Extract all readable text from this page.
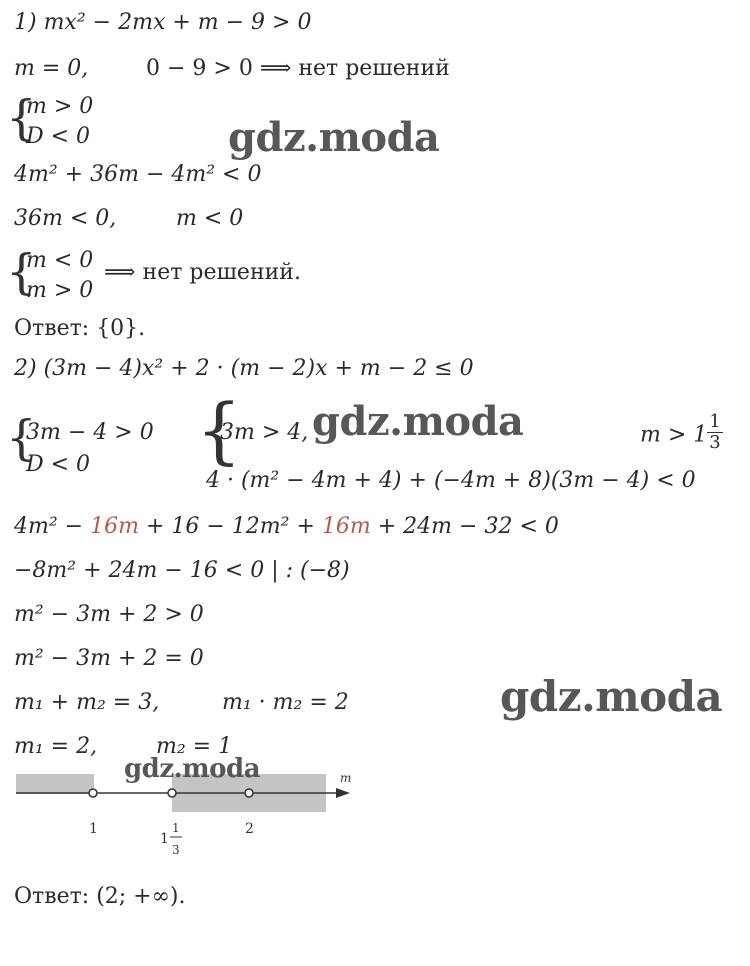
1) mx² − 2mx + m − 9 > 0
m = 0,	0 − 9 > 0 ⟹ нет решений
{
m > 0
D < 0	gdz.moda
4m² + 36m − 4m² < 0
36m < 0,	m < 0
{
m < 0
m > 0
⟹ нет решений.
Ответ: {0}.
2) (3m − 4)x² + 2 · (m − 2)x + m − 2 ≤ 0
{
3m − 4 > 0
D < 0 {
3m > 4,
4 · (m² − 4m + 4) + (−4m + 8)(3m − 4) < 0
gdz.moda	$m > 1 \frac{1}{3}$
4m² − 16m + 16 − 12m² + 16m + 24m − 32 < 0
−8m² + 24m − 16 < 0 | : (−8)
m² − 3m + 2 > 0
m² − 3m + 2 = 0
m₁ + m₂ = 3,	m₁ · m₂ = 2	gdz.moda
m₁ = 2,	m₂ = 1
m
1
1
1
3
2
gdz.moda
Ответ: (2; +∞).
